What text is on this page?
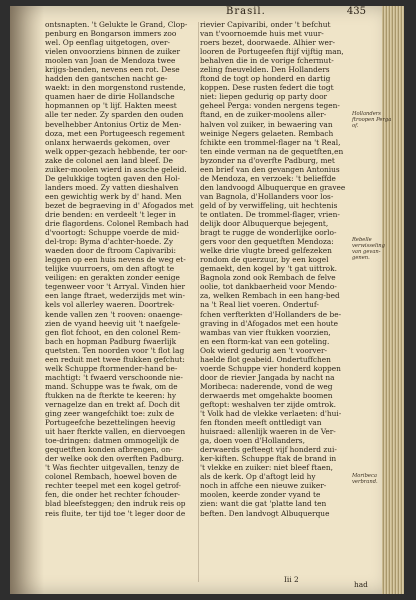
Brasil.	435
ontsnapten. 't Gelukte le Grand, Clop-
penburg en Bongarson immers zoo
wel. Op eenflag uitgetogen, over-
vielen onvoorziens binnen de zuiker
moolen van Joan de Mendoza twee
krijgs-benden, nevens een rot. Dese
hadden den gantschen nacht ge-
waekt: in den morgenstond rustende,
quamen haer de dirie Hollandsche
hopmannen op 't lijf. Hakten meest
alle ter neder. Zy sparden den ouden
bevelhebber Antonius Ortiz de Men-
doza, met een Portugeesch regement
onlanx herwaerds gekomen, over
welk opper-gezach hebbende, ter oor-
zake de colonel aen land bleef. De
zuiker-moolen wierd in assche geleid.
De gelukkige togten gaven den Hol-
landers moed. Zy vatten dieshalven
een gewichtig werk by d' hand. Men
bezet de begraeving in d' Afogados met
drie benden: en verdeelt 't leger in
drie flagordens. Colonel Rembach had
d'voortogt: Schuppe voerde de mid-
del-trop: Byma d'achter-hoede. Zy
waeden door de ftroom Capivaribi:
leggen op een huis nevens de weg et-
telijke vuurroers, om den aftogt te
veiligen: en gerakten zonder eenige
tegenweer voor 't Arryal. Vinden hier
een lange ftraet, wederzijds met win-
kels vol allerley waeren. Doortrek-
kende vallen zen 't rooven: onaenge-
zien de vyand heevig uit 't naefgele-
gen flot fchoot, en den colonel Rem-
bach en hopman Padburg fwaerlijk
quetsten. Ten noorden voor 't flot lag
een reduit met twee ftukken gefchut:
welk Schuppe ftormender-hand be-
machtigt: 't fwaerd verschoonde nie-
mand. Schuppe was te fwak, om de
ftukken na de fterkte te keeren: hy
vernagelze dan en trekt af. Doch dit
ging zeer wangefchikt toe: zulx de
Portugeefche bezettelingen heevig
uit haer fterkte vallen, en diervoegen
toe-dringen: datmen ommogelijk de
gequetften konden afbrengen, on-
der welke ook den overften Padburg.
't Was fiechter uitgevallen, tenzy de
colonel Rembach, hoewel boven de
rechter teepel met een kogel getrof-
fen, die onder het rechter fchouder-
blad bleefsteggen; den indruk reis op
reis fluite, ter tijd toe 't leger door de
rievier Capivaribi, onder 't befchut
van t'voornoemde huis met vuur-
roers bezet, doorwaede. Alhier wer-
looren de Portugeefen ftijf vijftig man,
behalven die in de vorige fchermut-
zeling fneuvelden. Den Hollanders
ftond de togt op honderd en dartig
koppen. Dese rusten federt die togt
niet: liepen gedurig op party door
geheel Perga: vonden nergens tegen-
ftand, en de zuiker-moolens aller-
halven vol zuiker, in bewaering van
weinige Negers gelaeten. Rembach
fchikte een trommel-flager na 't Real,
ten einde verman na de gequetften,en
byzonder na d'overfte Padburg, met
een brief van den gevangen Antonius
de Mendoza, en verzoek: 't belieffde
den landvoogd Albuquerque en gravee
van Bagnola, d'Hollanders voor los-
geld of by verwiffeling, uit hechtenis
te ontlaten. De trommel-flager, vrien-
delijk door Albuquerque bejegent,
bragt te rugge de wonderlijke oorlo-
gers voor den gequetften Mendoza:
welke drie vlugte breed gelfezeken
rondom de querzuur, by een kogel
gemaekt, den kogel by 't gat uittrok.
Bagnola zond ook Rembach de felve
oolie, tot dankbaerheid voor Mendo-
za, welken Rembach in een hang-bed
na 't Real liet voeren. Ondertuf-
fchen verfterkten d'Hollanders de be-
graving in d'Afogados met een houte
wambas van vier ftukken voorzien,
en een ftorm-kat van een goteling.
Ook wierd gedurig aen 't voorver-
haelde flot geabeid. Ondertuffchen
voerde Schuppe vier honderd koppen
door de rievier Jangada by nacht na
Moribeca: naderende, vond de weg
derwaerds met omgehakte boomen
geftopt: weshalven ter zijde omtrok.
't Volk had de vlekke verlaeten: d'hui-
fen ftonden meeft onttledigt van
huisraed: allenlijk waeren in de Ver-
ga, doen voen d'Hollanders,
derwaerds gefteegt vijf honderd zui-
ker-kiften. Schuppe ftak de brand in
't vlekke en zuiker: niet bleef ftaen,
als de kerk. Op d'aftogt leid hy
noch in affche een nieuwe zuiker-
moolen, keerde zonder vyand te
zien: want die gat 'platte land ten
beften. Den landvogt Albuquerque
Hollanders ftroopen Perga of.
Rebelle verwisseling van gevan-genen.
Moribeca verbrand.
Iii 2
had
